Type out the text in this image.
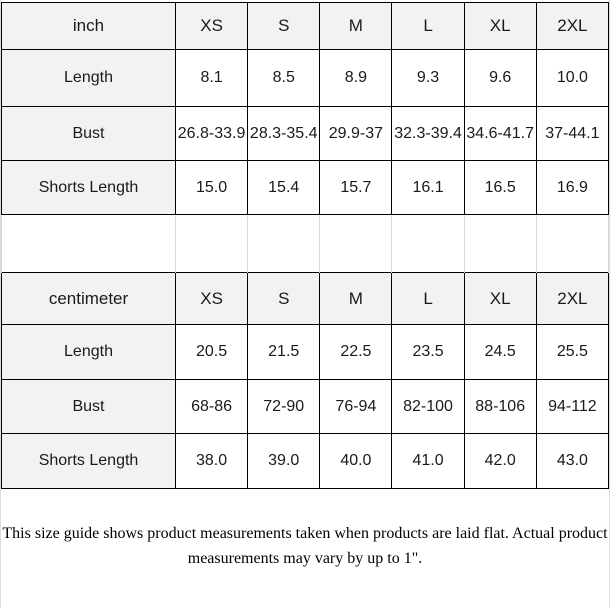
inch	XS	S	M	L	XL	2XL
Length	8.1	8.5	8.9	9.3	9.6	10.0
Bust	26.8-33.9	28.3-35.4	29.9-37	32.3-39.4	34.6-41.7	37-44.1
Shorts Length	15.0	15.4	15.7	16.1	16.5	16.9

centimeter	XS	S	M	L	XL	2XL
Length	20.5	21.5	22.5	23.5	24.5	25.5
Bust	68-86	72-90	76-94	82-100	88-106	94-112
Shorts Length	38.0	39.0	40.0	41.0	42.0	43.0
This size guide shows product measurements taken when products are laid flat. Actual product
measurements may vary by up to 1".
